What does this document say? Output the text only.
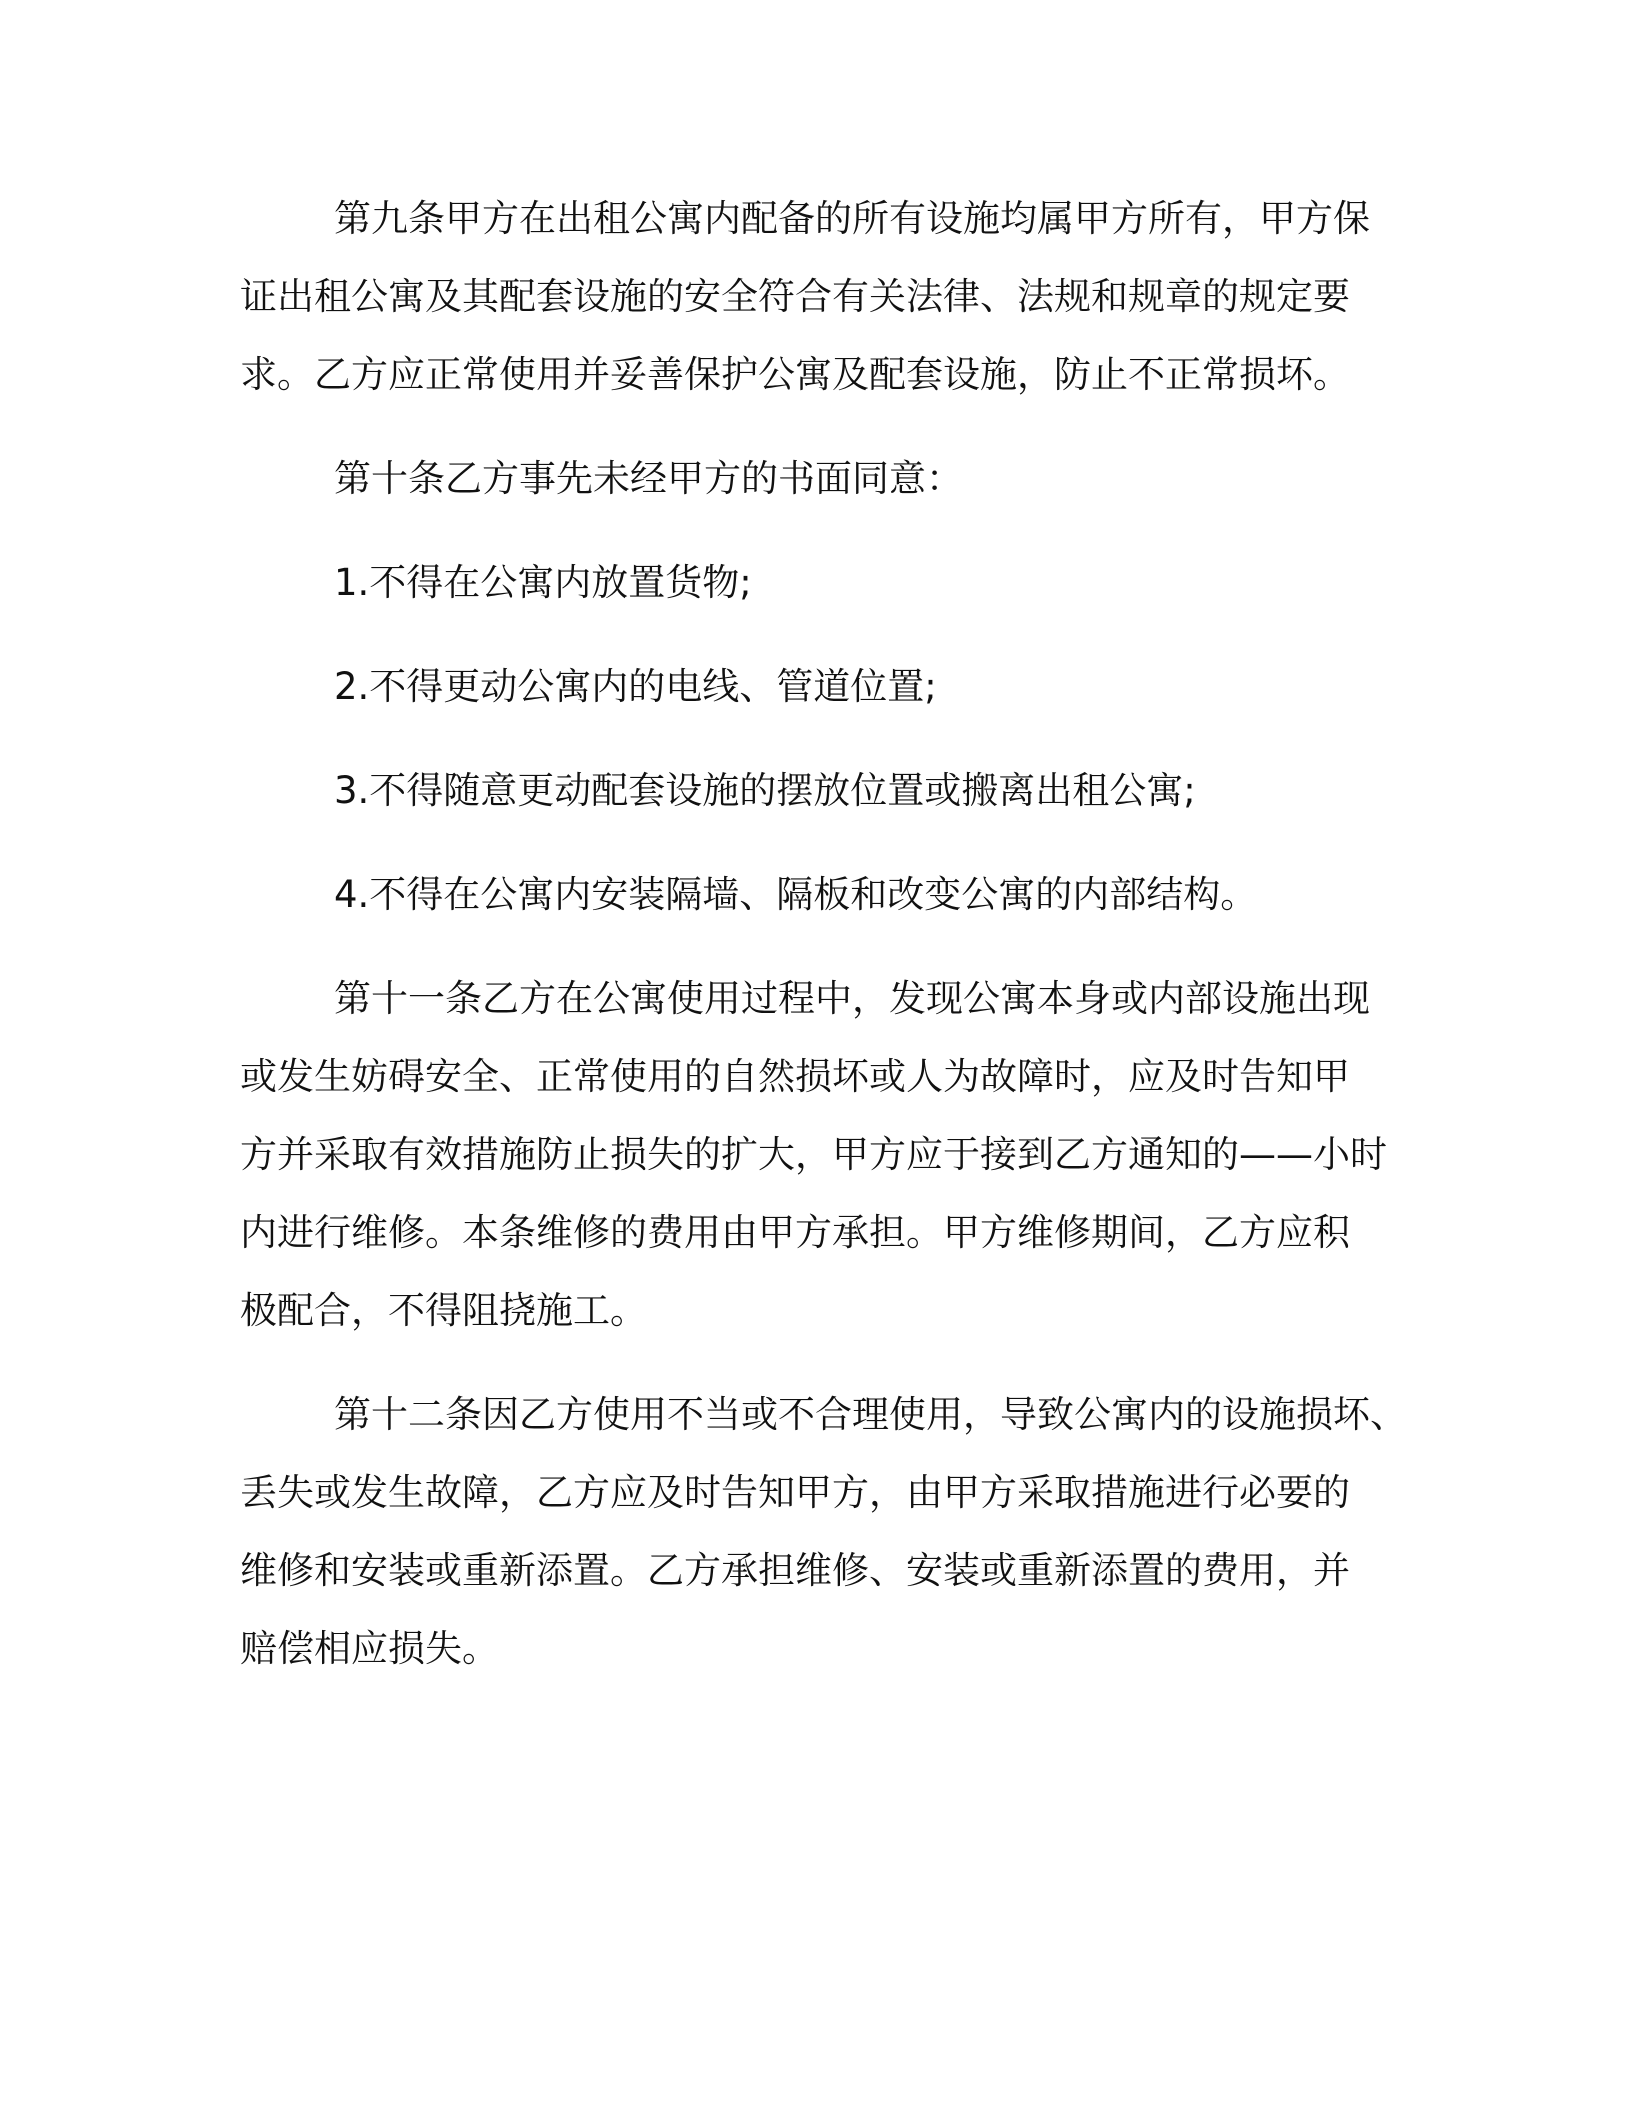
第九条甲方在出租公寓内配备的所有设施均属甲方所有，甲方保
证出租公寓及其配套设施的安全符合有关法律、法规和规章的规定要
求。乙方应正常使用并妥善保护公寓及配套设施，防止不正常损坏。
第十条乙方事先未经甲方的书面同意：
1.不得在公寓内放置货物;
2.不得更动公寓内的电线、管道位置;
3.不得随意更动配套设施的摆放位置或搬离出租公寓;
4.不得在公寓内安装隔墙、隔板和改变公寓的内部结构。
第十一条乙方在公寓使用过程中，发现公寓本身或内部设施出现
或发生妨碍安全、正常使用的自然损坏或人为故障时，应及时告知甲
方并采取有效措施防止损失的扩大，甲方应于接到乙方通知的——小时
内进行维修。本条维修的费用由甲方承担。甲方维修期间，乙方应积
极配合，不得阻挠施工。
第十二条因乙方使用不当或不合理使用，导致公寓内的设施损坏、
丢失或发生故障，乙方应及时告知甲方，由甲方采取措施进行必要的
维修和安装或重新添置。乙方承担维修、安装或重新添置的费用，并
赔偿相应损失。
